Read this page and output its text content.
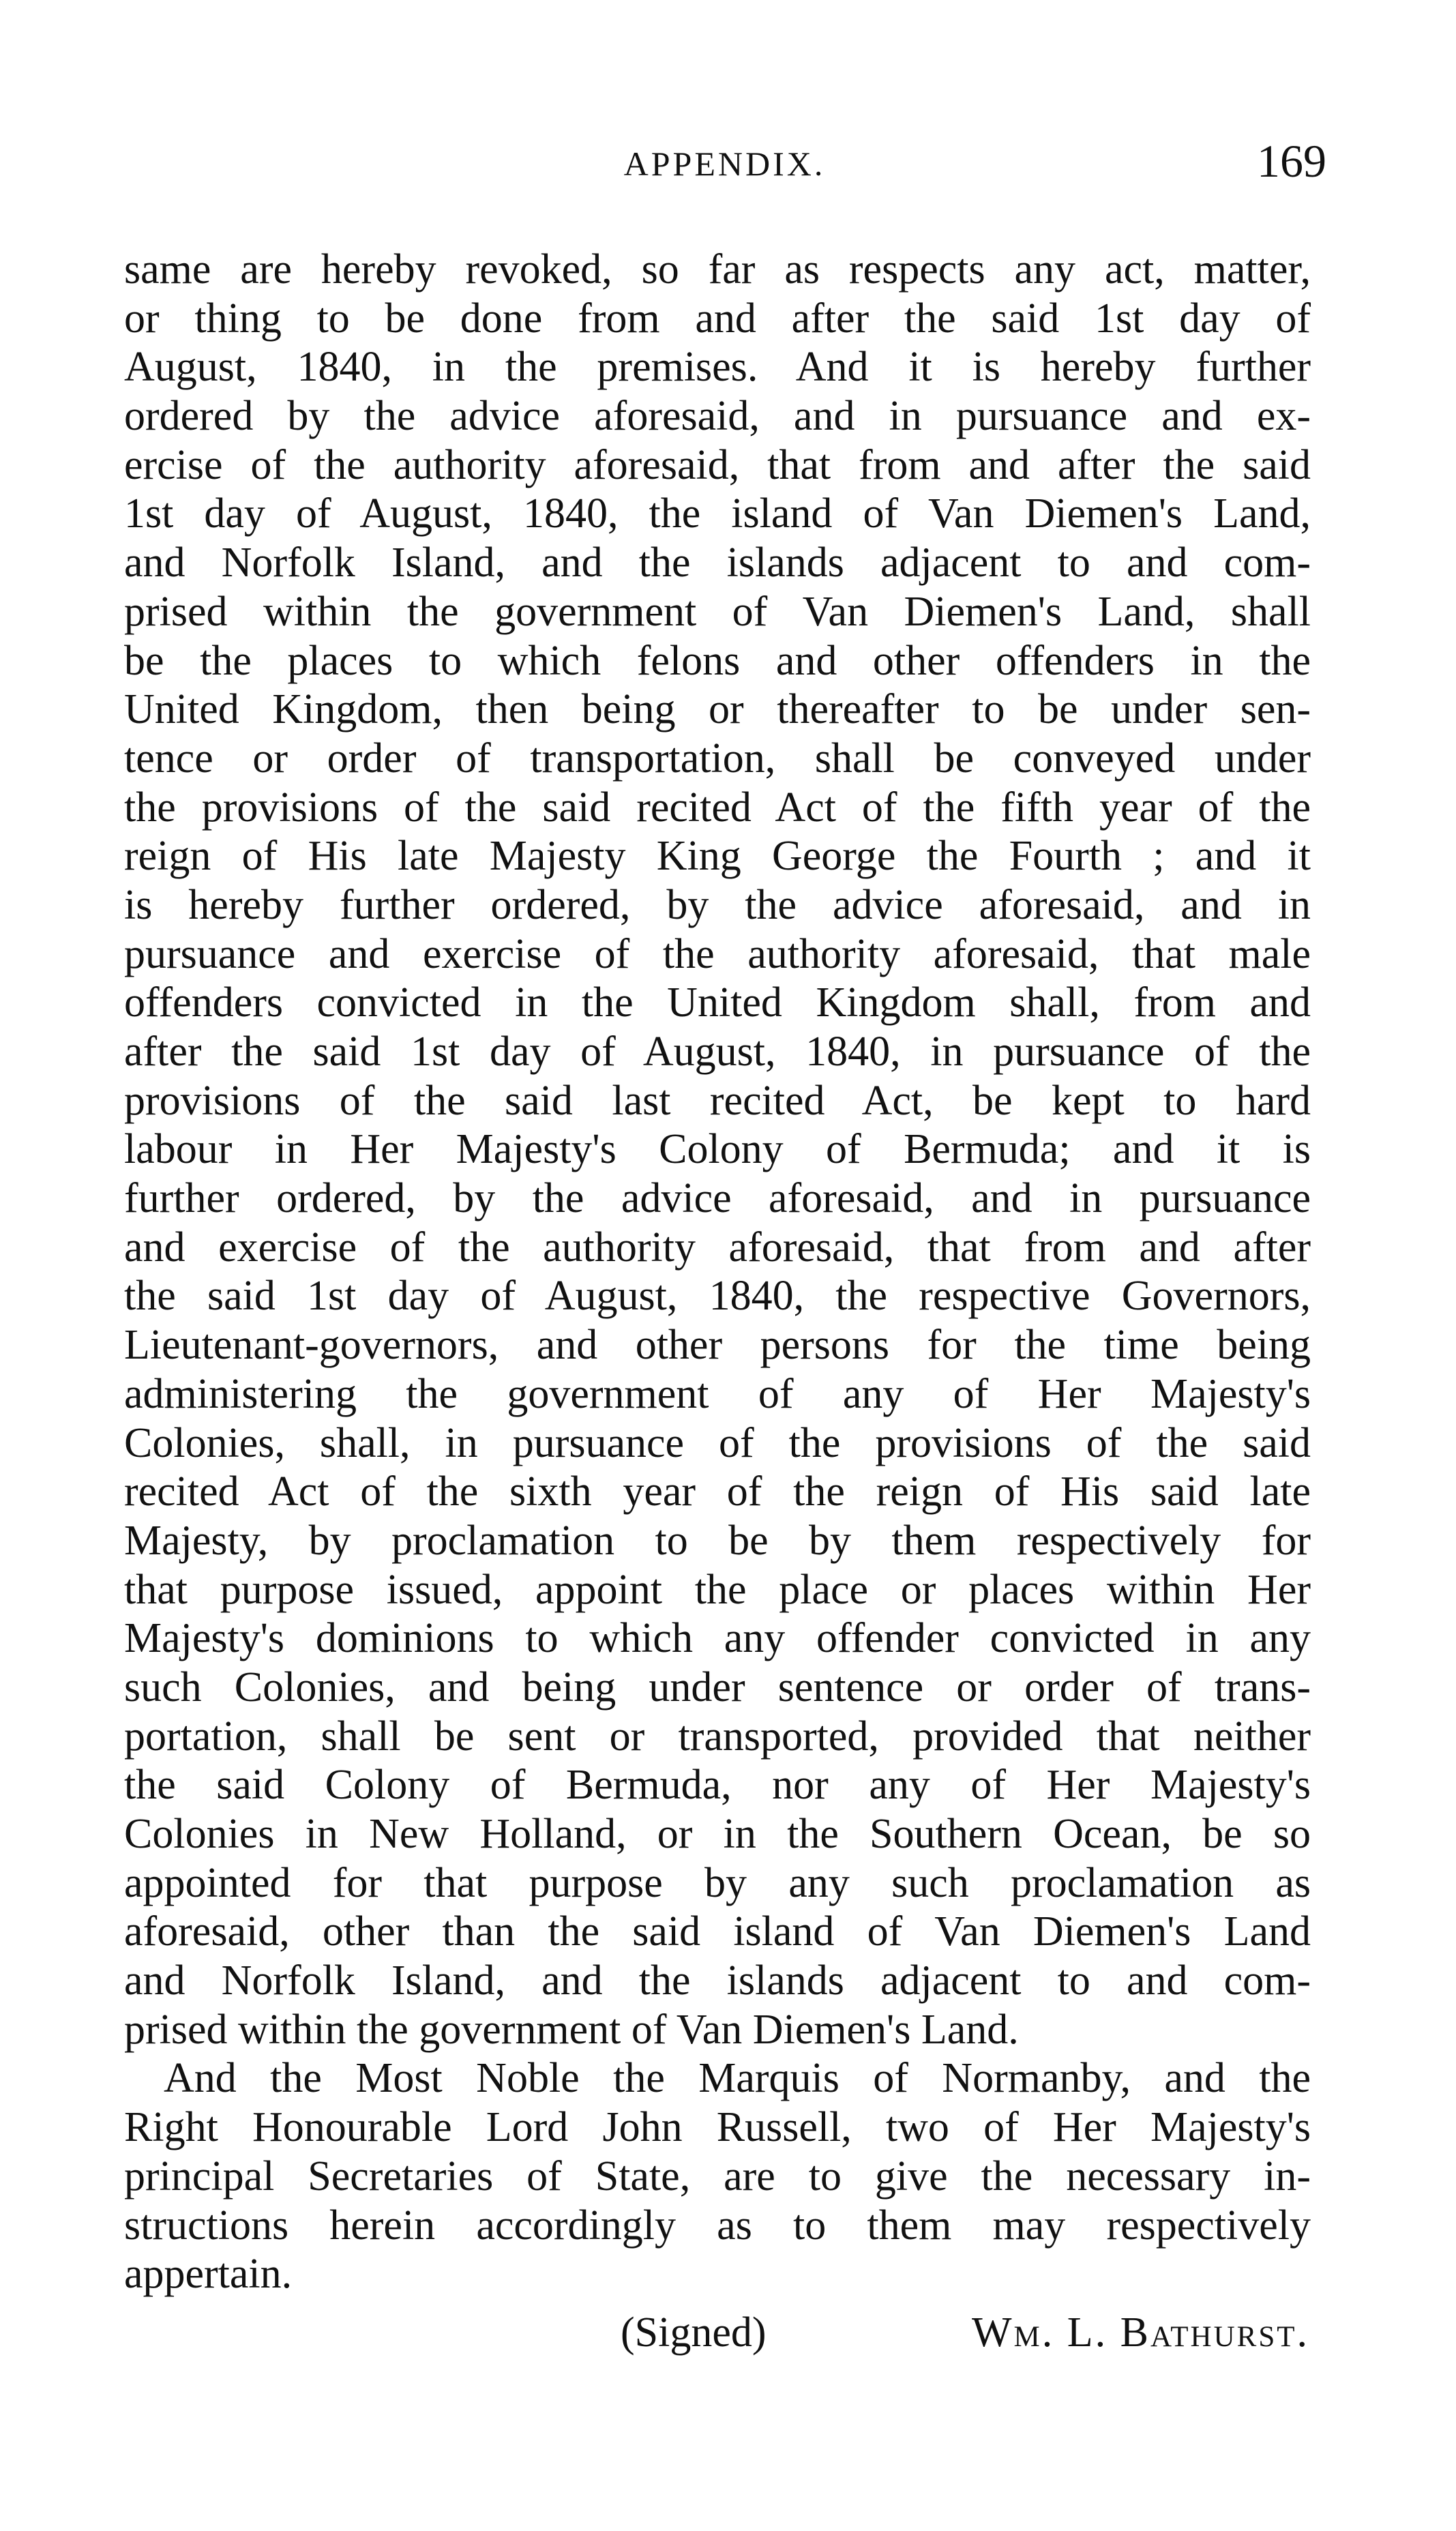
APPENDIX.	169
same are hereby revoked, so far as respects any act, matter,
or thing to be done from and after the said 1st day of
August, 1840, in the premises. And it is hereby further
ordered by the advice aforesaid, and in pursuance and ex-
ercise of the authority aforesaid, that from and after the said
1st day of August, 1840, the island of Van Diemen's Land,
and Norfolk Island, and the islands adjacent to and com-
prised within the government of Van Diemen's Land, shall
be the places to which felons and other offenders in the
United Kingdom, then being or thereafter to be under sen-
tence or order of transportation, shall be conveyed under
the provisions of the said recited Act of the fifth year of the
reign of His late Majesty King George the Fourth ; and it
is hereby further ordered, by the advice aforesaid, and in
pursuance and exercise of the authority aforesaid, that male
offenders convicted in the United Kingdom shall, from and
after the said 1st day of August, 1840, in pursuance of the
provisions of the said last recited Act, be kept to hard
labour in Her Majesty's Colony of Bermuda; and it is
further ordered, by the advice aforesaid, and in pursuance
and exercise of the authority aforesaid, that from and after
the said 1st day of August, 1840, the respective Governors,
Lieutenant-governors, and other persons for the time being
administering the government of any of Her Majesty's
Colonies, shall, in pursuance of the provisions of the said
recited Act of the sixth year of the reign of His said late
Majesty, by proclamation to be by them respectively for
that purpose issued, appoint the place or places within Her
Majesty's dominions to which any offender convicted in any
such Colonies, and being under sentence or order of trans-
portation, shall be sent or transported, provided that neither
the said Colony of Bermuda, nor any of Her Majesty's
Colonies in New Holland, or in the Southern Ocean, be so
appointed for that purpose by any such proclamation as
aforesaid, other than the said island of Van Diemen's Land
and Norfolk Island, and the islands adjacent to and com-
prised within the government of Van Diemen's Land.
And the Most Noble the Marquis of Normanby, and the
Right Honourable Lord John Russell, two of Her Majesty's
principal Secretaries of State, are to give the necessary in-
structions herein accordingly as to them may respectively
appertain.
(Signed)	Wm. L. Bathurst.
